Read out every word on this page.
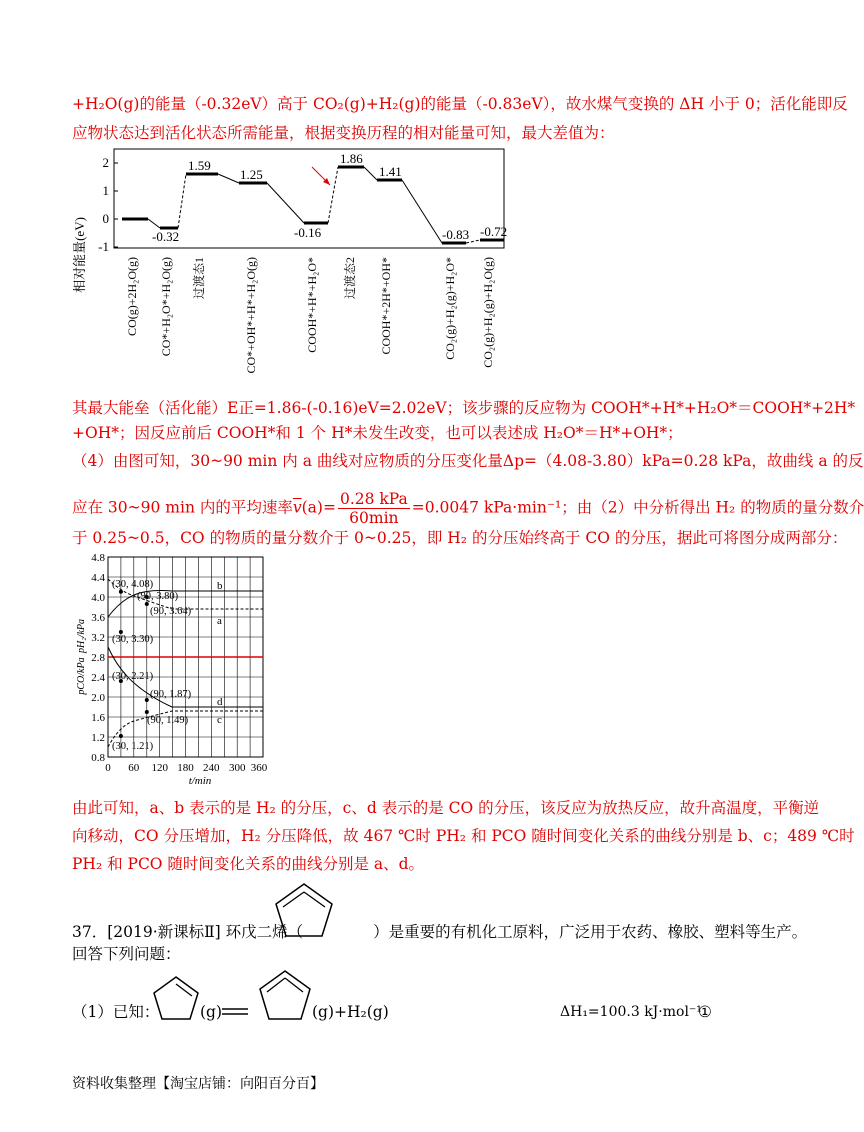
+H₂O(g)的能量（-0.32eV）高于 CO₂(g)+H₂(g)的能量（-0.83eV），故水煤气变换的 ΔH 小于 0；活化能即反
应物状态达到活化状态所需能量，根据变换历程的相对能量可知，最大差值为：
相对能量(eV)
2
1
0
-1
1.59
1.25
1.86
1.41
-0.32	-0.16	-0.83 -0.72
CO(g)+2H₂O(g) CO*+H₂O*+H₂O(g) 过渡态1	CO*+OH*+H*+H₂O(g)	COOH*+H*+H₂O* 过渡态2 COOH*+2H*+OH*	CO₂(g)+H₂(g)+H₂O* CO₂(g)+H₂(g)+H₂O(g)
其最大能垒（活化能）E正=1.86-(-0.16)eV=2.02eV；该步骤的反应物为 COOH*+H*+H₂O*＝COOH*+2H*
+OH*；因反应前后 COOH*和 1 个 H*未发生改变，也可以表述成 H₂O*＝H*+OH*；
（4）由图可知，30~90 min 内 a 曲线对应物质的分压变化量Δp=（4.08-3.80）kPa=0.28 kPa，故曲线 a 的反
应在 30~90 min 内的平均速率$\overline{v}(a)= 0.28$ kPa
60min
=0.0047 kPa·min⁻¹；由（2）中分析得出 H₂ 的物质的量分数介
于 0.25~0.5，CO 的物质的量分数介于 0~0.25，即 H₂ 的分压始终高于 CO 的分压，据此可将图分成两部分：
4.8
4.4
4.0
3.6
3.2
2.8
2.4
2.0
1.6
1.2
0.8
0 60 120 180 240 300 360
t/min
pH₂/kPa
pCO/kPa
b
a
d
c
(30, 4.08)
(90, 3.80)
(90, 3.64)
(30, 3.30)
(30, 2.21)
(90, 1.87)
(90, 1.49)
(30, 1.21)
由此可知，a、b 表示的是 H₂ 的分压，c、d 表示的是 CO 的分压，该反应为放热反应，故升高温度，平衡逆
向移动，CO 分压增加，H₂ 分压降低，故 467 ℃时 PH₂ 和 PCO 随时间变化关系的曲线分别是 b、c；489 ℃时
PH₂ 和 PCO 随时间变化关系的曲线分别是 a、d。
37．[2019·新课标Ⅱ] 环戊二烯（	）是重要的有机化工原料，广泛用于农药、橡胶、塑料等生产。
回答下列问题：
（1）已知：	(g)	(g)+H₂(g)	ΔH₁=100.3 kJ·mol⁻¹
①
资料收集整理【淘宝店铺：向阳百分百】
